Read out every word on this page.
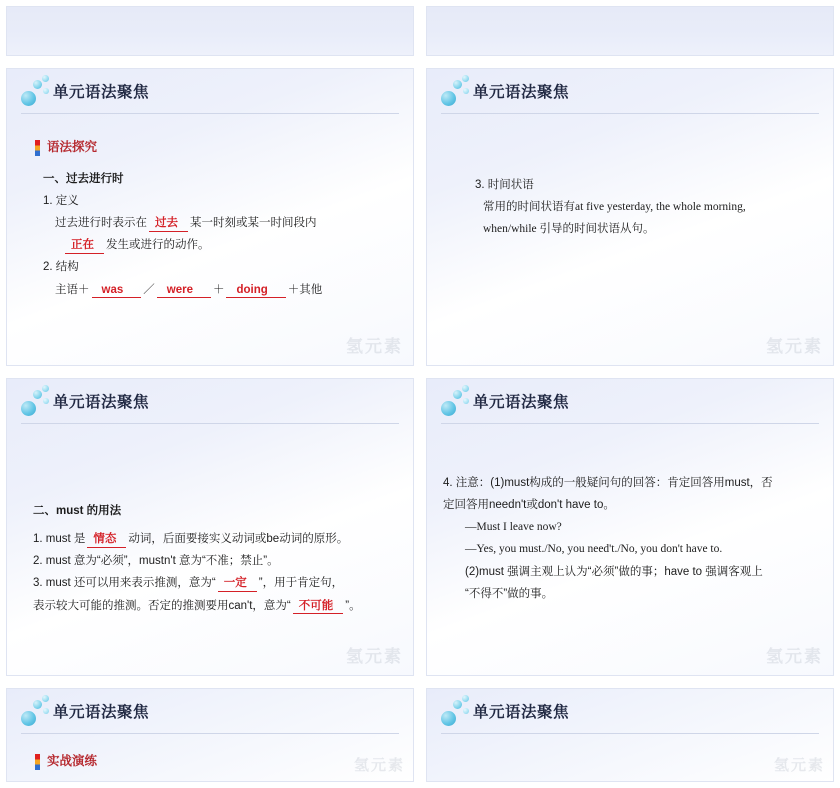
单元语法聚焦
语法探究
一、过去进行时
1. 定义
过去进行时表示在 过去 某一时刻或某一时间段内
正在 发生或进行的动作。
2. 结构
主语＋ was ／ were ＋ doing ＋其他
氢元素
单元语法聚焦
3. 时间状语
常用的时间状语有at five yesterday, the whole morning,
when/while 引导的时间状语从句。
氢元素
单元语法聚焦
二、must 的用法
1. must 是 情态 动词，后面要接实义动词或be动词的原形。
2. must 意为“必须”，mustn't 意为“不准；禁止”。
3. must 还可以用来表示推测，意为“ 一定 ”，用于肯定句，
表示较大可能的推测。否定的推测要用can't，意为“ 不可能 ”。
氢元素
单元语法聚焦
4. 注意：(1)must构成的一般疑问句的回答：肯定回答用must，否
定回答用needn't或don't have to。
—Must I leave now?
—Yes, you must./No, you need't./No, you don't have to.
(2)must 强调主观上认为“必须”做的事；have to 强调客观上
“不得不”做的事。
氢元素
单元语法聚焦
实战演练	氢元素
单元语法聚焦
氢元素
